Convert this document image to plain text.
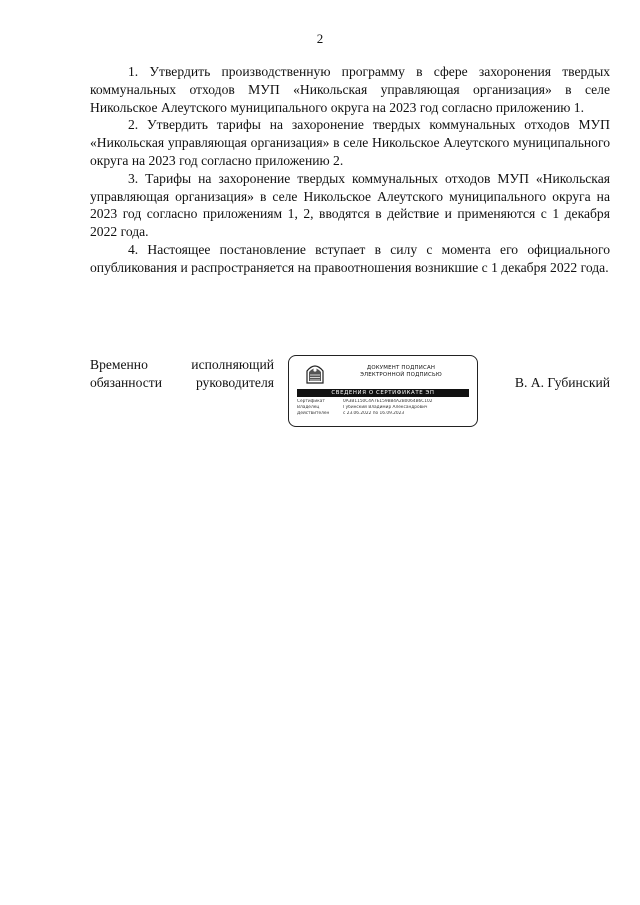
2

1. Утвердить производственную программу в сфере захоронения твердых коммунальных отходов МУП «Никольская управляющая организация» в селе Никольское Алеутского муниципального округа на 2023 год согласно приложению 1.

2. Утвердить тарифы на захоронение твердых коммунальных отходов МУП «Никольская управляющая организация» в селе Никольское Алеутского муниципального округа на 2023 год согласно приложению 2.

3. Тарифы на захоронение твердых коммунальных отходов МУП «Никольская управляющая организация» в селе Никольское Алеутского муниципального округа на 2023 год согласно приложениям 1, 2, вводятся в действие и применяются с 1 декабря 2022 года.

4. Настоящее постановление вступает в силу с момента его официального опубликования и распространяется на правоотношения возникшие с 1 декабря 2022 года.

Временно исполняющий
обязанности руководителя
ДОКУМЕНТ ПОДПИСАН
ЭЛЕКТРОННОЙ ПОДПИСЬЮ
СВЕДЕНИЯ О СЕРТИФИКАТЕ ЭП
Сертификат	0A3B1150C4A7E159B84A2B0064B6C102
Владелец	Губинский Владимир Александрович
Действителен	с 23.06.2022 по 16.09.2023
В. А. Губинский
